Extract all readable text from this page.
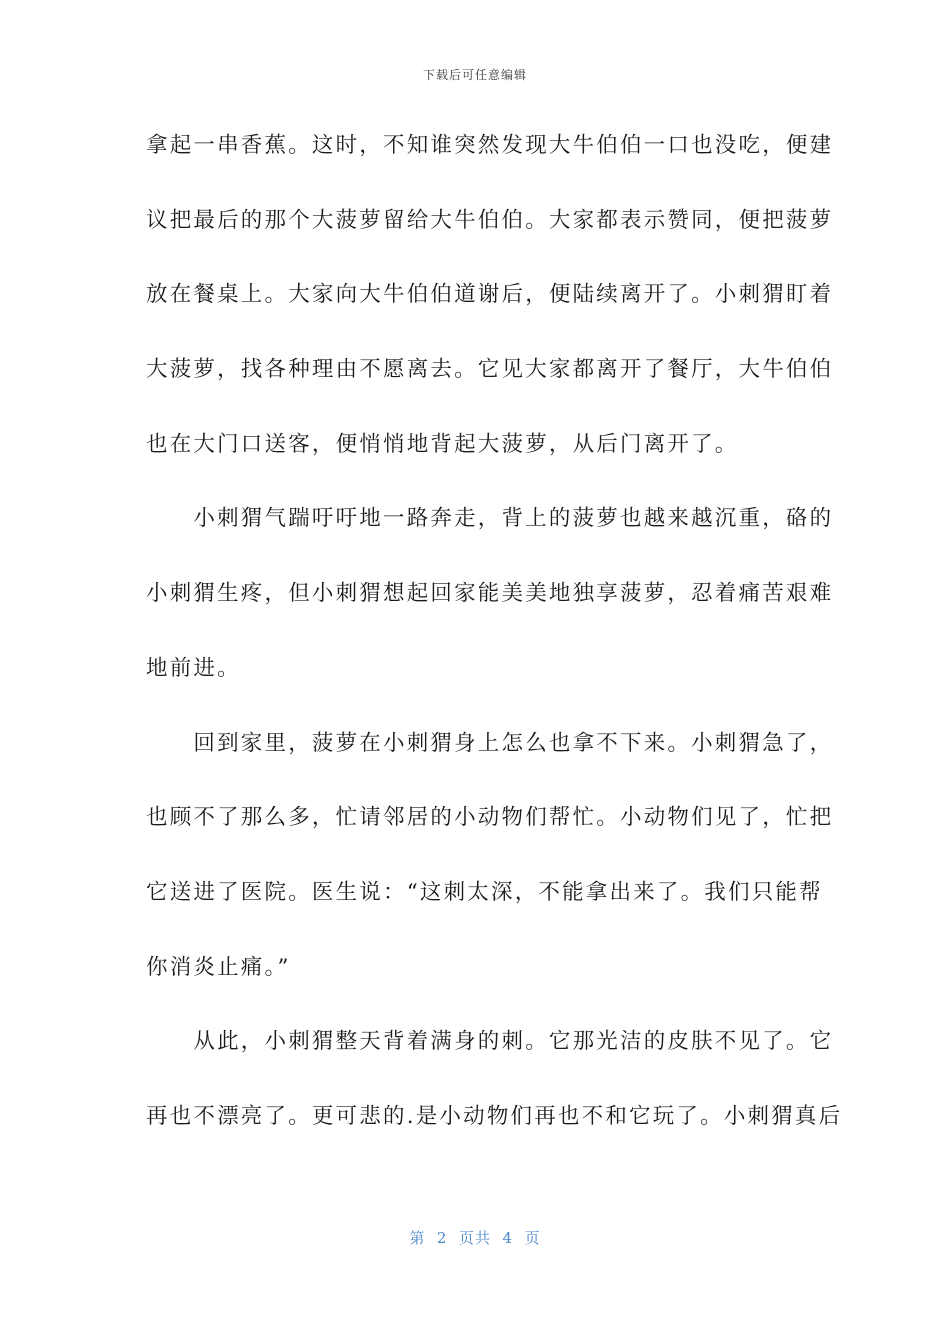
下载后可任意编辑
拿起一串香蕉。这时，不知谁突然发现大牛伯伯一口也没吃，便建
议把最后的那个大菠萝留给大牛伯伯。大家都表示赞同，便把菠萝
放在餐桌上。大家向大牛伯伯道谢后，便陆续离开了。小刺猬盯着
大菠萝，找各种理由不愿离去。它见大家都离开了餐厅，大牛伯伯
也在大门口送客，便悄悄地背起大菠萝，从后门离开了。
　　小刺猬气踹吁吁地一路奔走，背上的菠萝也越来越沉重，硌的
小刺猬生疼，但小刺猬想起回家能美美地独享菠萝，忍着痛苦艰难
地前进。
　　回到家里，菠萝在小刺猬身上怎么也拿不下来。小刺猬急了，
也顾不了那么多，忙请邻居的小动物们帮忙。小动物们见了，忙把
它送进了医院。医生说：“这刺太深，不能拿出来了。我们只能帮
你消炎止痛。”
　　从此，小刺猬整天背着满身的刺。它那光洁的皮肤不见了。它
再也不漂亮了。更可悲的.是小动物们再也不和它玩了。小刺猬真后
第  2  页共  4  页
